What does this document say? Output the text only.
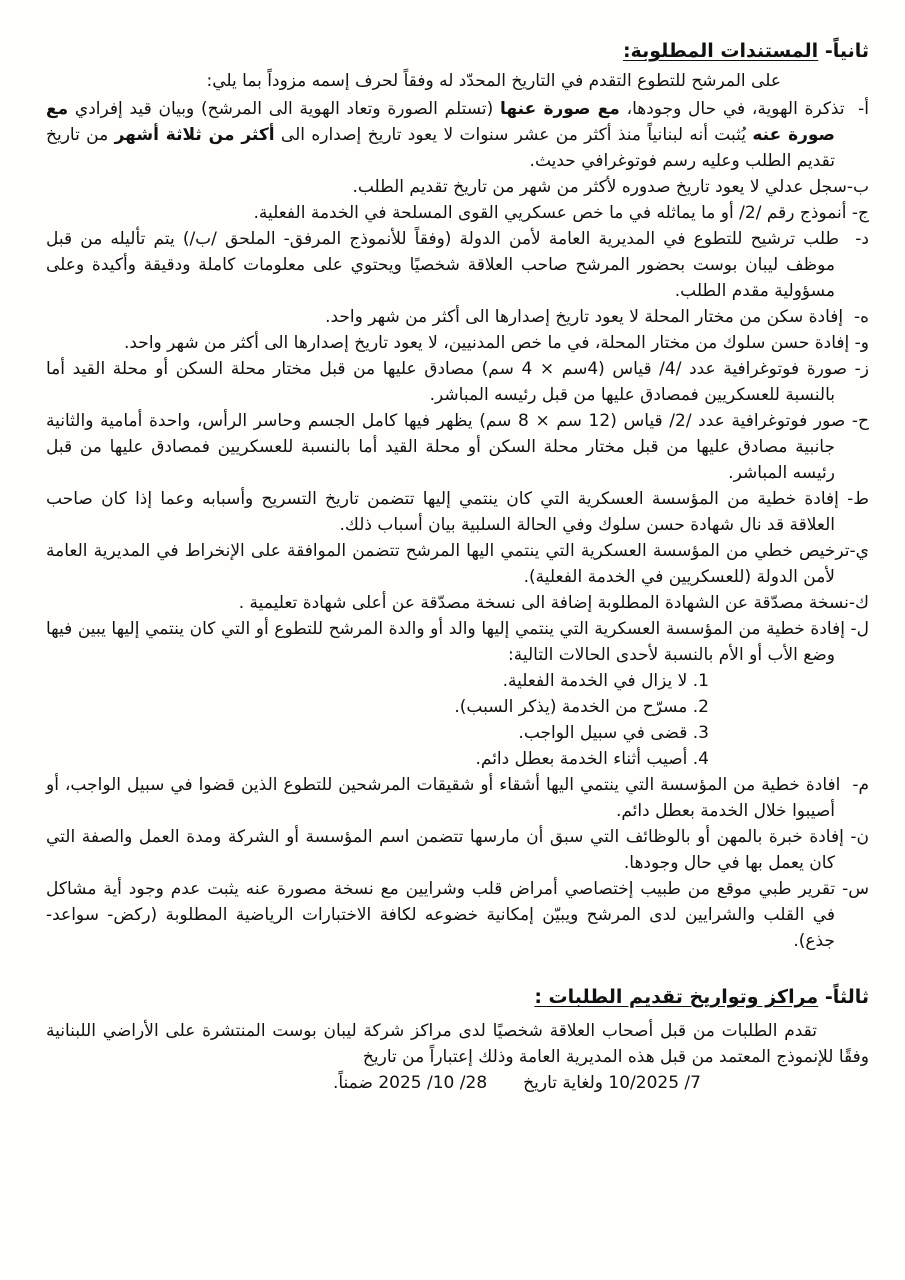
ثانياً- المستندات المطلوبة:
على المرشح للتطوع التقدم في التاريخ المحدّد له وفقاً لحرف إسمه مزوداً بما يلي:
أ-  تذكرة الهوية، في حال وجودها، مع صورة عنها (تستلم الصورة وتعاد الهوية الى المرشح) وبيان قيد إفرادي مع صورة عنه يُثبت أنه لبنانياً منذ أكثر من عشر سنوات لا يعود تاريخ إصداره الى أكثر من ثلاثة أشهر من تاريخ تقديم الطلب وعليه رسم فوتوغرافي حديث.
ب-سجل عدلي لا يعود تاريخ صدوره لأكثر من شهر من تاريخ تقديم الطلب.
ج- أنموذج رقم /2/ أو ما يماثله في ما خص عسكريي القوى المسلحة في الخدمة الفعلية.
د-  طلب ترشيح للتطوع في المديرية العامة لأمن الدولة (وفقاً للأنموذج المرفق- الملحق /ب/) يتم تأليله من قبل موظف ليبان بوست بحضور المرشح صاحب العلاقة شخصيًا ويحتوي على معلومات كاملة ودقيقة وأكيدة وعلى مسؤولية مقدم الطلب.
ه-  إفادة سكن من مختار المحلة لا يعود تاريخ إصدارها الى أكثر من شهر واحد.
و- إفادة حسن سلوك من مختار المحلة، في ما خص المدنيين، لا يعود تاريخ إصدارها الى أكثر من شهر واحد.
ز- صورة فوتوغرافية عدد /4/ قياس (4سم × 4 سم) مصادق عليها من قبل مختار محلة السكن أو محلة القيد أما بالنسبة للعسكريين فمصادق عليها من قبل رئيسه المباشر.
ح- صور فوتوغرافية عدد /2/ قياس (12 سم × 8 سم) يظهر فيها كامل الجسم وحاسر الرأس، واحدة أمامية والثانية جانبية مصادق عليها من قبل مختار محلة السكن أو محلة القيد أما بالنسبة للعسكريين فمصادق عليها من قبل رئيسه المباشر.
ط- إفادة خطية من المؤسسة العسكرية التي كان ينتمي إليها تتضمن تاريخ التسريح وأسبابه وعما إذا كان صاحب العلاقة قد نال شهادة حسن سلوك وفي الحالة السلبية بيان أسباب ذلك.
ي-ترخيص خطي من المؤسسة العسكرية التي ينتمي اليها المرشح تتضمن الموافقة على الإنخراط في المديرية العامة لأمن الدولة (للعسكريين في الخدمة الفعلية).
ك-نسخة مصدّقة عن الشهادة المطلوبة إضافة الى نسخة مصدّقة عن أعلى شهادة تعليمية .
ل- إفادة خطية من المؤسسة العسكرية التي ينتمي إليها والد أو والدة المرشح للتطوع أو التي كان ينتمي إليها يبين فيها وضع الأب أو الأم بالنسبة لأحدى الحالات التالية:
1. لا يزال في الخدمة الفعلية.
2. مسرّح من الخدمة (يذكر السبب).
3. قضى في سبيل الواجب.
4. أصيب أثناء الخدمة بعطل دائم.
م-  افادة خطية من المؤسسة التي ينتمي اليها أشقاء أو شقيقات المرشحين للتطوع الذين قضوا في سبيل الواجب، أو أصيبوا خلال الخدمة بعطل دائم.
ن- إفادة خبرة بالمهن أو بالوظائف التي سبق أن مارسها تتضمن اسم المؤسسة أو الشركة ومدة العمل والصفة التي كان يعمل بها في حال وجودها.
س- تقرير طبي موقع من طبيب إختصاصي أمراض قلب وشرايين مع نسخة مصورة عنه يثبت عدم وجود أية مشاكل في القلب والشرايين لدى المرشح ويبيّن إمكانية خضوعه لكافة الاختبارات الرياضية المطلوبة (ركض- سواعد- جذع).
ثالثاً- مراكز وتواريخ تقديم الطلبات :
تقدم الطلبات من قبل أصحاب العلاقة شخصيًا لدى مراكز شركة ليبان بوست المنتشرة على الأراضي اللبنانية وفقًا للإنموذج المعتمد من قبل هذه المديرية العامة وذلك إعتباراً من تاريخ
7/ 10/2025 ولغاية تاريخ28/ 10/ 2025 ضمناً.
